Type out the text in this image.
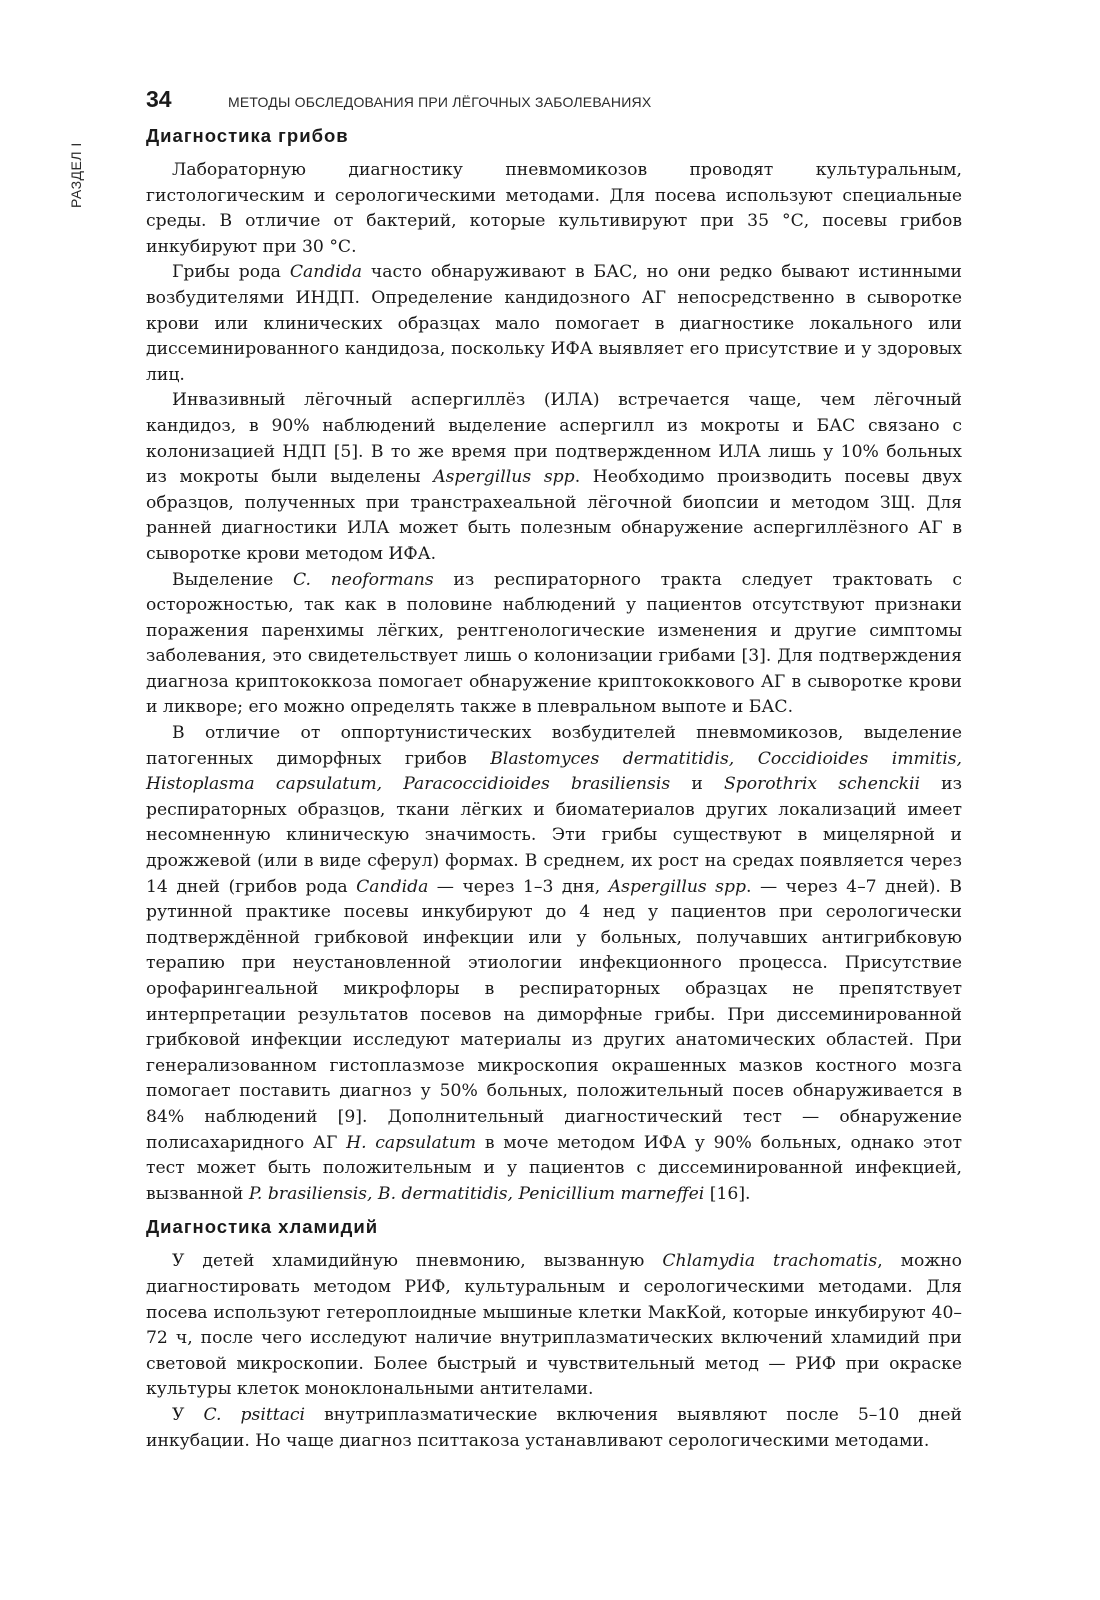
РАЗДЕЛ I
34	МЕТОДЫ ОБСЛЕДОВАНИЯ ПРИ ЛЁГОЧНЫХ ЗАБОЛЕВАНИЯХ
Диагностика грибов

Лабораторную диагностику пневмомикозов проводят культуральным, гистологическим и серологическими методами. Для посева используют специальные среды. В отличие от бактерий, которые культивируют при 35 °С, посевы грибов инкубируют при 30 °С.

Грибы рода Candida часто обнаруживают в БАС, но они редко бывают истинными возбудителями ИНДП. Определение кандидозного АГ непосредственно в сыворотке крови или клинических образцах мало помогает в диагностике локального или диссеминированного кандидоза, поскольку ИФА выявляет его присутствие и у здоровых лиц.

Инвазивный лёгочный аспергиллёз (ИЛА) встречается чаще, чем лёгочный кандидоз, в 90% наблюдений выделение аспергилл из мокроты и БАС связано с колонизацией НДП [5]. В то же время при подтвержденном ИЛА лишь у 10% больных из мокроты были выделены Aspergillus spp. Необходимо производить посевы двух образцов, полученных при транстрахеальной лёгочной биопсии и методом ЗЩ. Для ранней диагностики ИЛА может быть полезным обнаружение аспергиллёзного АГ в сыворотке крови методом ИФА.

Выделение C. neoformans из респираторного тракта следует трактовать с осторожностью, так как в половине наблюдений у пациентов отсутствуют признаки поражения паренхимы лёгких, рентгенологические изменения и другие симптомы заболевания, это свидетельствует лишь о колонизации грибами [3]. Для подтверждения диагноза криптококкоза помогает обнаружение криптококкового АГ в сыворотке крови и ликворе; его можно определять также в плевральном выпоте и БАС.

В отличие от оппортунистических возбудителей пневмомикозов, выделение патогенных диморфных грибов Blastomyces dermatitidis, Coccidioides immitis, Histoplasma capsulatum, Paracoccidioides brasiliensis и Sporothrix schenckii из респираторных образцов, ткани лёгких и биоматериалов других локализаций имеет несомненную клиническую значимость. Эти грибы существуют в мицелярной и дрожжевой (или в виде сферул) формах. В среднем, их рост на средах появляется через 14 дней (грибов рода Candida — через 1–3 дня, Aspergillus spp. — через 4–7 дней). В рутинной практике посевы инкубируют до 4 нед у пациентов при серологически подтверждённой грибковой инфекции или у больных, получавших антигрибковую терапию при неустановленной этиологии инфекционного процесса. Присутствие орофарингеальной микрофлоры в респираторных образцах не препятствует интерпретации результатов посевов на диморфные грибы. При диссеминированной грибковой инфекции исследуют материалы из других анатомических областей. При генерализованном гистоплазмозе микроскопия окрашенных мазков костного мозга помогает поставить диагноз у 50% больных, положительный посев обнаруживается в 84% наблюдений [9]. Дополнительный диагностический тест — обнаружение полисахаридного АГ H. capsulatum в моче методом ИФА у 90% больных, однако этот тест может быть положительным и у пациентов с диссеминированной инфекцией, вызванной P. brasiliensis, B. dermatitidis, Penicillium marneffei [16].

Диагностика хламидий

У детей хламидийную пневмонию, вызванную Chlamydia trachomatis, можно диагностировать методом РИФ, культуральным и серологическими методами. Для посева используют гетероплоидные мышиные клетки МакКой, которые инкубируют 40–72 ч, после чего исследуют наличие внутриплазматических включений хламидий при световой микроскопии. Более быстрый и чувствительный метод — РИФ при окраске культуры клеток моноклональными антителами.

У C. psittaci внутриплазматические включения выявляют после 5–10 дней инкубации. Но чаще диагноз пситтакоза устанавливают серологическими методами.
